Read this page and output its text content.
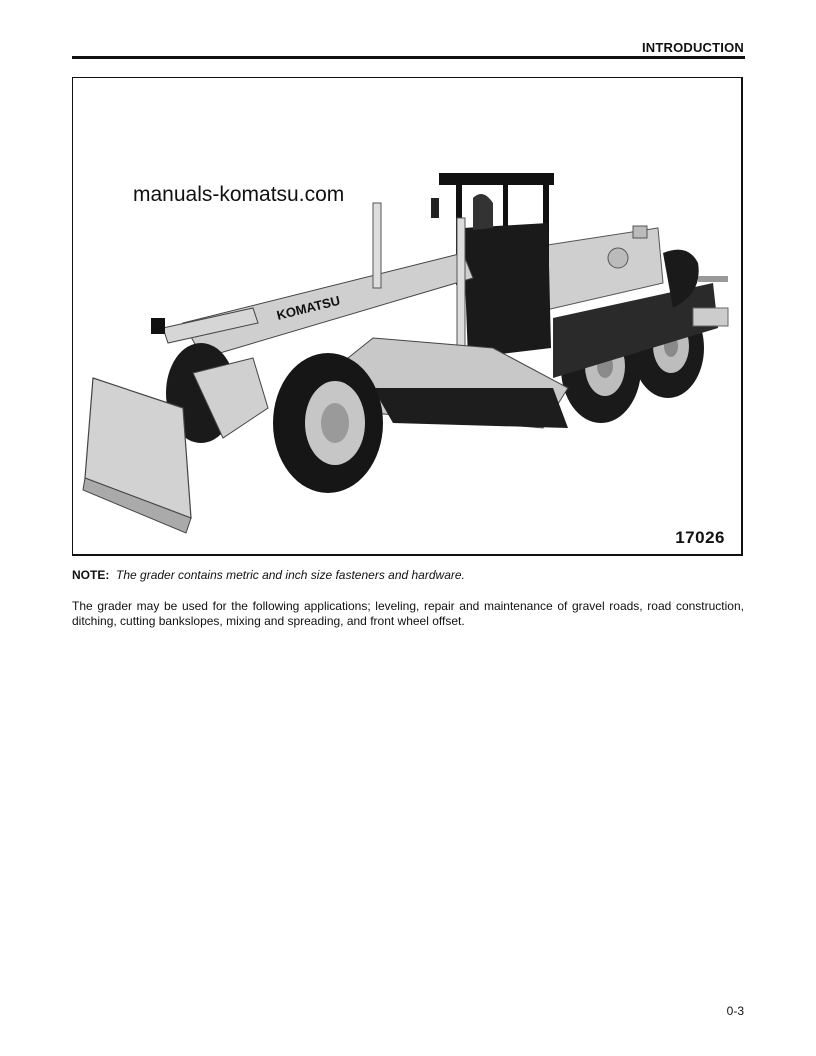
INTRODUCTION
KOMATSU
manuals-komatsu.com
17026
NOTE: The grader contains metric and inch size fasteners and hardware.
The grader may be used for the following applications; leveling, repair and maintenance of gravel roads, road construction, ditching, cutting bankslopes, mixing and spreading, and front wheel offset.
0-3
